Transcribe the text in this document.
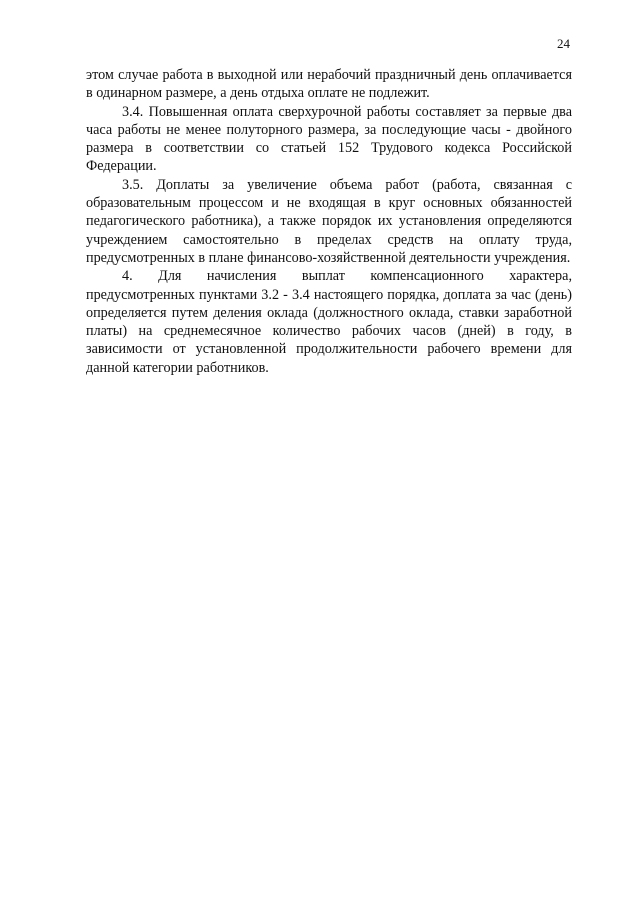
24

этом случае работа в выходной или нерабочий праздничный день оплачивается в одинарном размере, а день отдыха оплате не подлежит.

3.4. Повышенная оплата сверхурочной работы составляет за первые два часа работы не менее полуторного размера, за последующие часы - двойного размера в соответствии со статьей 152 Трудового кодекса Российской Федерации.

3.5. Доплаты за увеличение объема работ (работа, связанная с образовательным процессом и не входящая в круг основных обязанностей педагогического работника), а также порядок их установления определяются учреждением самостоятельно в пределах средств на оплату труда, предусмотренных в плане финансово-хозяйственной деятельности учреждения.

4. Для начисления выплат компенсационного характера, предусмотренных пунктами 3.2 - 3.4 настоящего порядка, доплата за час (день) определяется путем деления оклада (должностного оклада, ставки заработной платы) на среднемесячное количество рабочих часов (дней) в году, в зависимости от установленной продолжительности рабочего времени для данной категории работников.
